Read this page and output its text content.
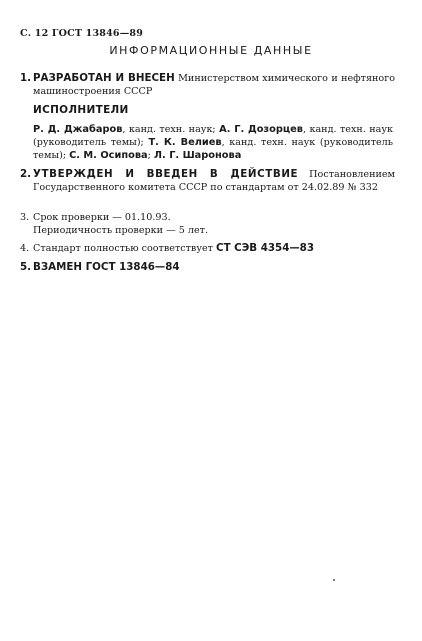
С. 12 ГОСТ 13846—89
ИНФОРМАЦИОННЫЕ ДАННЫЕ
1. РАЗРАБОТАН И ВНЕСЕН Министерством химического и нефтяного машиностроения СССР
ИСПОЛНИТЕЛИ
Р. Д. Джабаров, канд. техн. наук; А. Г. Дозорцев, канд. техн. наук (руководитель темы); Т. К. Велиев, канд. техн. наук (руководитель темы); С. М. Осипова; Л. Г. Шаронова
2. УТВЕРЖДЕН И ВВЕДЕН В ДЕЙСТВИЕ Постановлением Государственного комитета СССР по стандартам от 24.02.89 № 332
3. Срок проверки — 01.10.93.
Периодичность проверки — 5 лет.
4. Стандарт полностью соответствует СТ СЭВ 4354—83
5. ВЗАМЕН ГОСТ 13846—84
